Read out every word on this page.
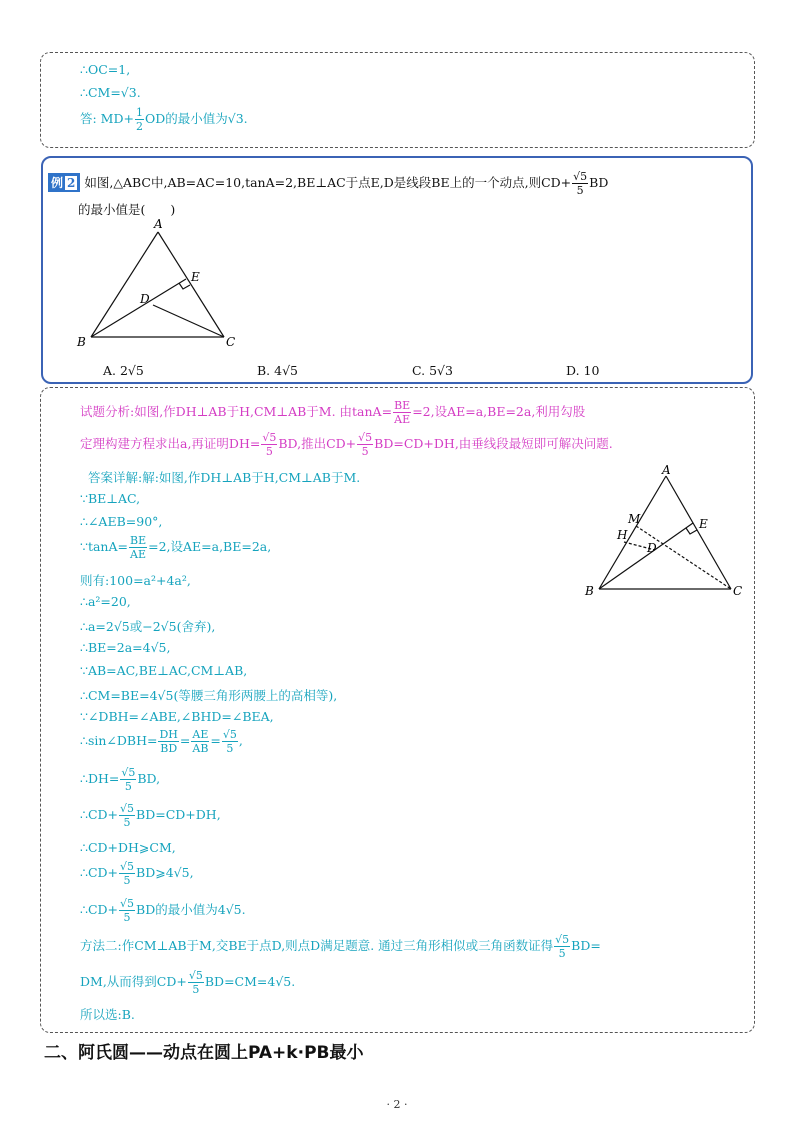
∴OC=1,
∴CM=√3.
答: $MD+ \frac{1}{2}$ OD的最小值为√3.
例 2 如图,△ABC中,AB=AC=10,tanA=2,BE⊥AC于点E,D是线段BE上的一个动点,则$CD+ \frac{√5}{5}$ BD
的最小值是(　　)
A
E
D
B	C
A. 2√5	B. 4√5	C. 5√3	D. 10
试题分析:如图,作DH⊥AB于H,CM⊥AB于M. 由$\tan A= \frac{BE}{AE} =2$,设AE=a,BE=2a,利用勾股
定理构建方程求出a,再证明$DH= \frac{√5}{5}$ BD,推出$CD+ \frac{√5}{5} BD=CD+DH$,由垂线段最短即可解决问题.
答案详解:解:如图,作DH⊥AB于H,CM⊥AB于M.
∵BE⊥AC,
∴∠AEB=90°,
∵tanA= $\frac{BE}{AE} =2$,设AE=a,BE=2a,
则有:100=a²+4a²,
∴a²=20,
∴a=2√5或−2√5(舍弃),
∴BE=2a=4√5,
∵AB=AC,BE⊥AC,CM⊥AB,
∴CM=BE=4√5(等腰三角形两腰上的高相等),
∵∠DBH=∠ABE,∠BHD=∠BEA,
∴sin∠DBH= $\frac{DH}{BD} = \frac{AE}{AB} = \frac{√5}{5}$ ,
∴DH= $\frac{√5}{5}$ BD,
∴CD+ $\frac{√5}{5} BD=CD+DH$,
∴CD+DH⩾CM,
∴CD+ $\frac{√5}{5}$ BD⩾4√5,
∴CD+ $\frac{√5}{5}$ BD的最小值为4√5.
方法二:作CM⊥AB于M,交BE于点D,则点D满足题意. 通过三角形相似或三角函数证得 $\frac{√5}{5} BD=$
DM,从而得到$CD+ \frac{√5}{5} BD=CM=4√5$.
所以选:B.
A
M	E
H
D
B	C
二、阿氏圆——动点在圆上PA+k·PB最小
· 2 ·
